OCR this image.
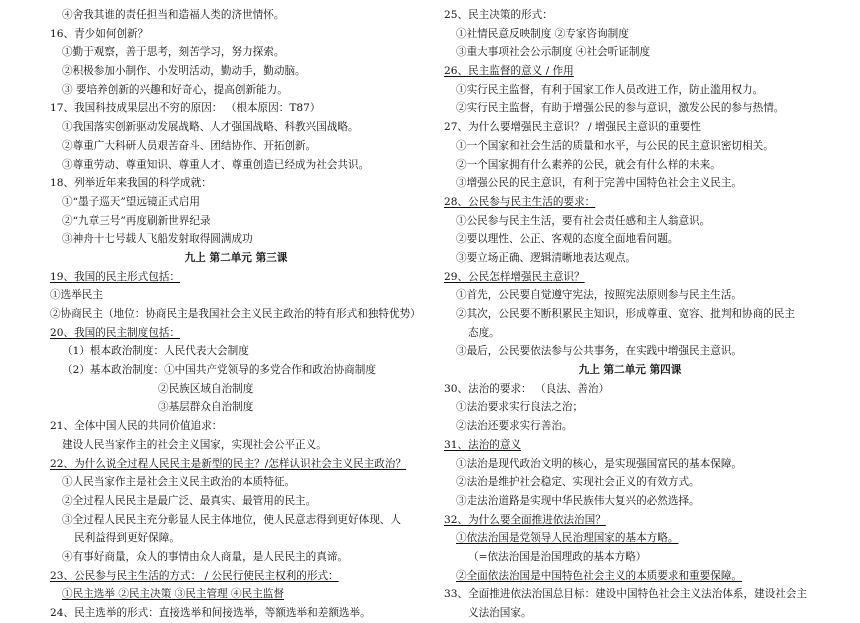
④舍我其谁的责任担当和造福人类的济世情怀。
16、青少如何创新？
①勤于观察，善于思考，刻苦学习，努力探索。
②积极参加小制作、小发明活动，勤动手，勤动脑。
③ 要培养创新的兴趣和好奇心，提高创新能力。
17、我国科技成果层出不穷的原因： （根本原因：T87）
①我国落实创新驱动发展战略、人才强国战略、科教兴国战略。
②尊重广大科研人员艰苦奋斗、团结协作、开拓创新。
③尊重劳动、尊重知识、尊重人才、尊重创造已经成为社会共识。
18、列举近年来我国的科学成就：
①“墨子巡天”望远镜正式启用
②“九章三号”再度刷新世界纪录
③神舟十七号载人飞船发射取得圆满成功
九上 第二单元 第三课
19、我国的民主形式包括：
①选举民主
②协商民主（地位：协商民主是我国社会主义民主政治的特有形式和独特优势）
20、我国的民主制度包括：
（1）根本政治制度：人民代表大会制度
（2）基本政治制度：①中国共产党领导的多党合作和政治协商制度
②民族区域自治制度
③基层群众自治制度
21、全体中国人民的共同价值追求：
建设人民当家作主的社会主义国家，实现社会公平正义。
22、为什么说全过程人民民主是新型的民主？/怎样认识社会主义民主政治？
①人民当家作主是社会主义民主政治的本质特征。
②全过程人民民主是最广泛、最真实、最管用的民主。
③全过程人民民主充分彰显人民主体地位，使人民意志得到更好体现、人
民利益得到更好保障。
④有事好商量，众人的事情由众人商量，是人民民主的真谛。
23、公民参与民主生活的方式： / 公民行使民主权利的形式：
①民主选举 ②民主决策 ③民主管理 ④民主监督
24、民主选举的形式：直接选举和间接选举，等额选举和差额选举。
25、民主决策的形式：
①社情民意反映制度 ②专家咨询制度
③重大事项社会公示制度 ④社会听证制度
26、民主监督的意义 / 作用
①实行民主监督，有利于国家工作人员改进工作，防止滥用权力。
②实行民主监督，有助于增强公民的参与意识，激发公民的参与热情。
27、为什么要增强民主意识？ / 增强民主意识的重要性
①一个国家和社会生活的质量和水平，与公民的民主意识密切相关。
②一个国家拥有什么素养的公民，就会有什么样的未来。
③增强公民的民主意识，有利于完善中国特色社会主义民主。
28、公民参与民主生活的要求：
①公民参与民主生活，要有社会责任感和主人翁意识。
②要以理性、公正、客观的态度全面地看问题。
③要立场正确、逻辑清晰地表达观点。
29、公民怎样增强民主意识？
①首先，公民要自觉遵守宪法，按照宪法原则参与民主生活。
②其次，公民要不断积累民主知识，形成尊重、宽容、批判和协商的民主
态度。
③最后，公民要依法参与公共事务，在实践中增强民主意识。
九上 第二单元 第四课
30、法治的要求： （良法、善治）
①法治要求实行良法之治；
②法治还要求实行善治。
31、法治的意义
①法治是现代政治文明的核心，是实现强国富民的基本保障。
②法治是维护社会稳定、实现社会正义的有效方式。
③走法治道路是实现中华民族伟大复兴的必然选择。
32、为什么要全面推进依法治国？
①依法治国是党领导人民治理国家的基本方略。
（=依法治国是治国理政的基本方略）
②全面依法治国是中国特色社会主义的本质要求和重要保障。
33、全面推进依法治国总目标：建设中国特色社会主义法治体系，建设社会主
义法治国家。
